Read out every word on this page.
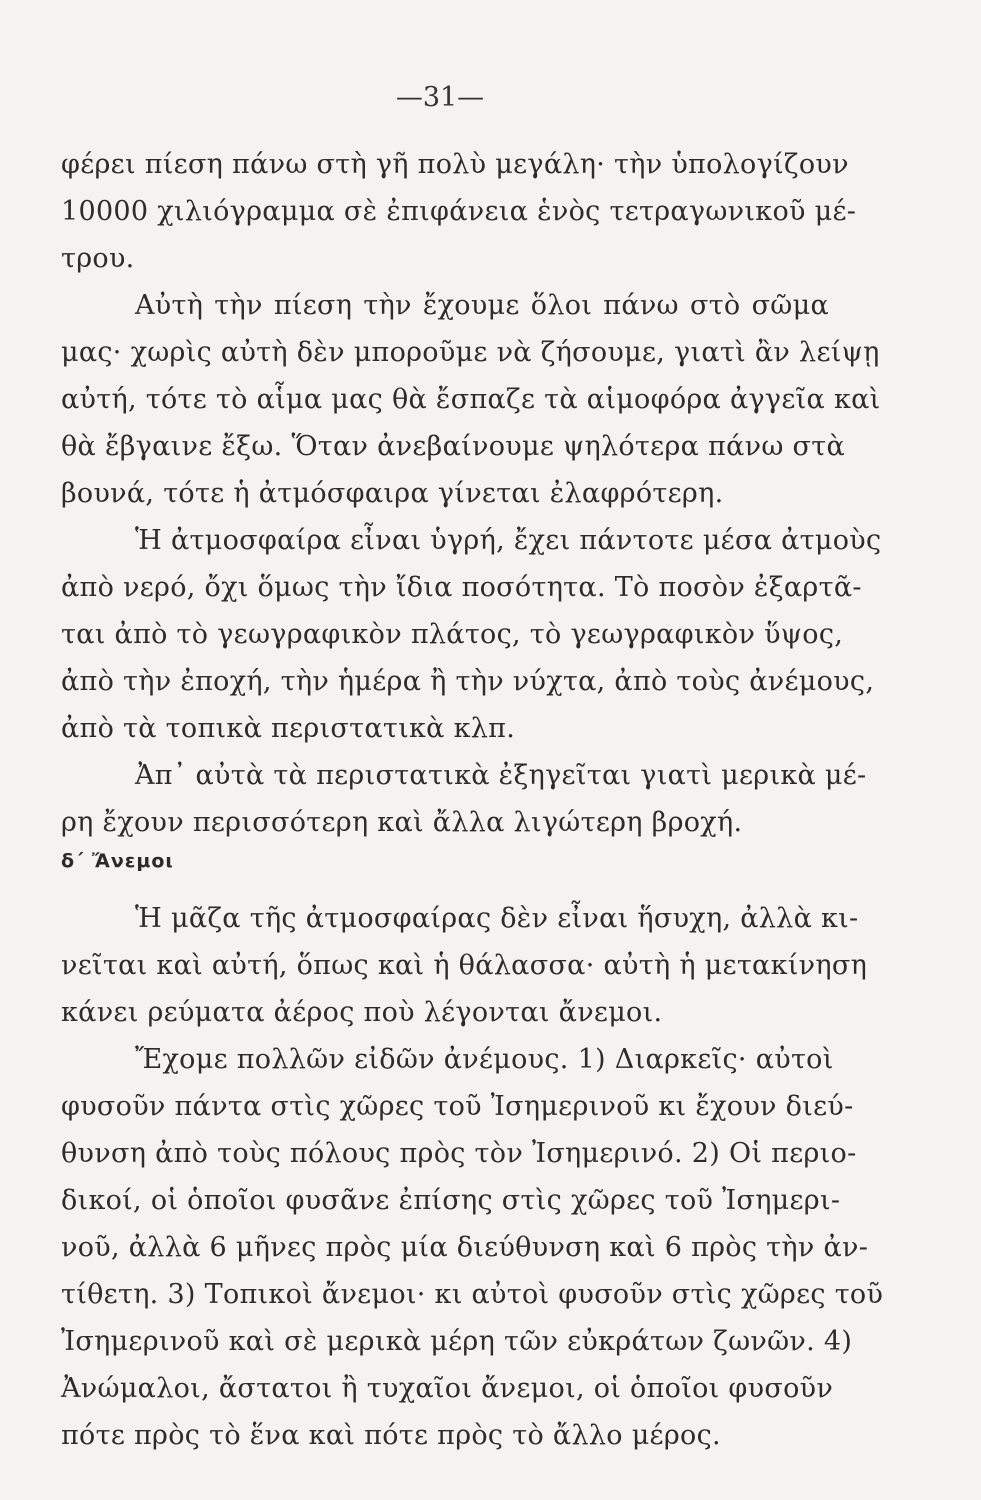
—31—
φέρει πίεση πάνω στὴ γῆ πολὺ μεγάλη· τὴν ὑπολογίζουν
10000 χιλιόγραμμα σὲ ἐπιφάνεια ἑνὸς τετραγωνικοῦ μέ-
τρου.
Αὐτὴ τὴν πίεση τὴν ἔχουμε ὅλοι πάνω στὸ σῶμα
μας· χωρὶς αὐτὴ δὲν μποροῦμε νὰ ζήσουμε, γιατὶ ἂν λείψῃ
αὐτή, τότε τὸ αἷμα μας θὰ ἔσπαζε τὰ αἱμοφόρα ἀγγεῖα καὶ
θὰ ἔβγαινε ἔξω. Ὅταν ἀνεβαίνουμε ψηλότερα πάνω στὰ
βουνά, τότε ἡ ἀτμόσφαιρα γίνεται ἐλαφρότερη.
Ἡ ἀτμοσφαίρα εἶναι ὑγρή, ἔχει πάντοτε μέσα ἀτμοὺς
ἀπὸ νερό, ὄχι ὅμως τὴν ἴδια ποσότητα. Τὸ ποσὸν ἐξαρτᾶ-
ται ἀπὸ τὸ γεωγραφικὸν πλάτος, τὸ γεωγραφικὸν ὕψος,
ἀπὸ τὴν ἐποχή, τὴν ἡμέρα ἢ τὴν νύχτα, ἀπὸ τοὺς ἀνέμους,
ἀπὸ τὰ τοπικὰ περιστατικὰ κλπ.
Ἀπ᾽ αὐτὰ τὰ περιστατικὰ ἐξηγεῖται γιατὶ μερικὰ μέ-
ρη ἔχουν περισσότερη καὶ ἄλλα λιγώτερη βροχή.
δ΄ Ἄνεμοι
Ἡ μᾶζα τῆς ἀτμοσφαίρας δὲν εἶναι ἥσυχη, ἀλλὰ κι-
νεῖται καὶ αὐτή, ὅπως καὶ ἡ θάλασσα· αὐτὴ ἡ μετακίνηση
κάνει ρεύματα ἀέρος ποὺ λέγονται ἄνεμοι.
Ἔχομε πολλῶν εἰδῶν ἀνέμους. 1) Διαρκεῖς· αὐτοὶ
φυσοῦν πάντα στὶς χῶρες τοῦ Ἰσημερινοῦ κι ἔχουν διεύ-
θυνση ἀπὸ τοὺς πόλους πρὸς τὸν Ἰσημερινό. 2) Οἱ περιο-
δικοί, οἱ ὁποῖοι φυσᾶνε ἐπίσης στὶς χῶρες τοῦ Ἰσημερι-
νοῦ, ἀλλὰ 6 μῆνες πρὸς μία διεύθυνση καὶ 6 πρὸς τὴν ἀν-
τίθετη. 3) Τοπικοὶ ἄνεμοι· κι αὐτοὶ φυσοῦν στὶς χῶρες τοῦ
Ἰσημερινοῦ καὶ σὲ μερικὰ μέρη τῶν εὐκράτων ζωνῶν. 4)
Ἀνώμαλοι, ἄστατοι ἢ τυχαῖοι ἄνεμοι, οἱ ὁποῖοι φυσοῦν
πότε πρὸς τὸ ἕνα καὶ πότε πρὸς τὸ ἄλλο μέρος.
